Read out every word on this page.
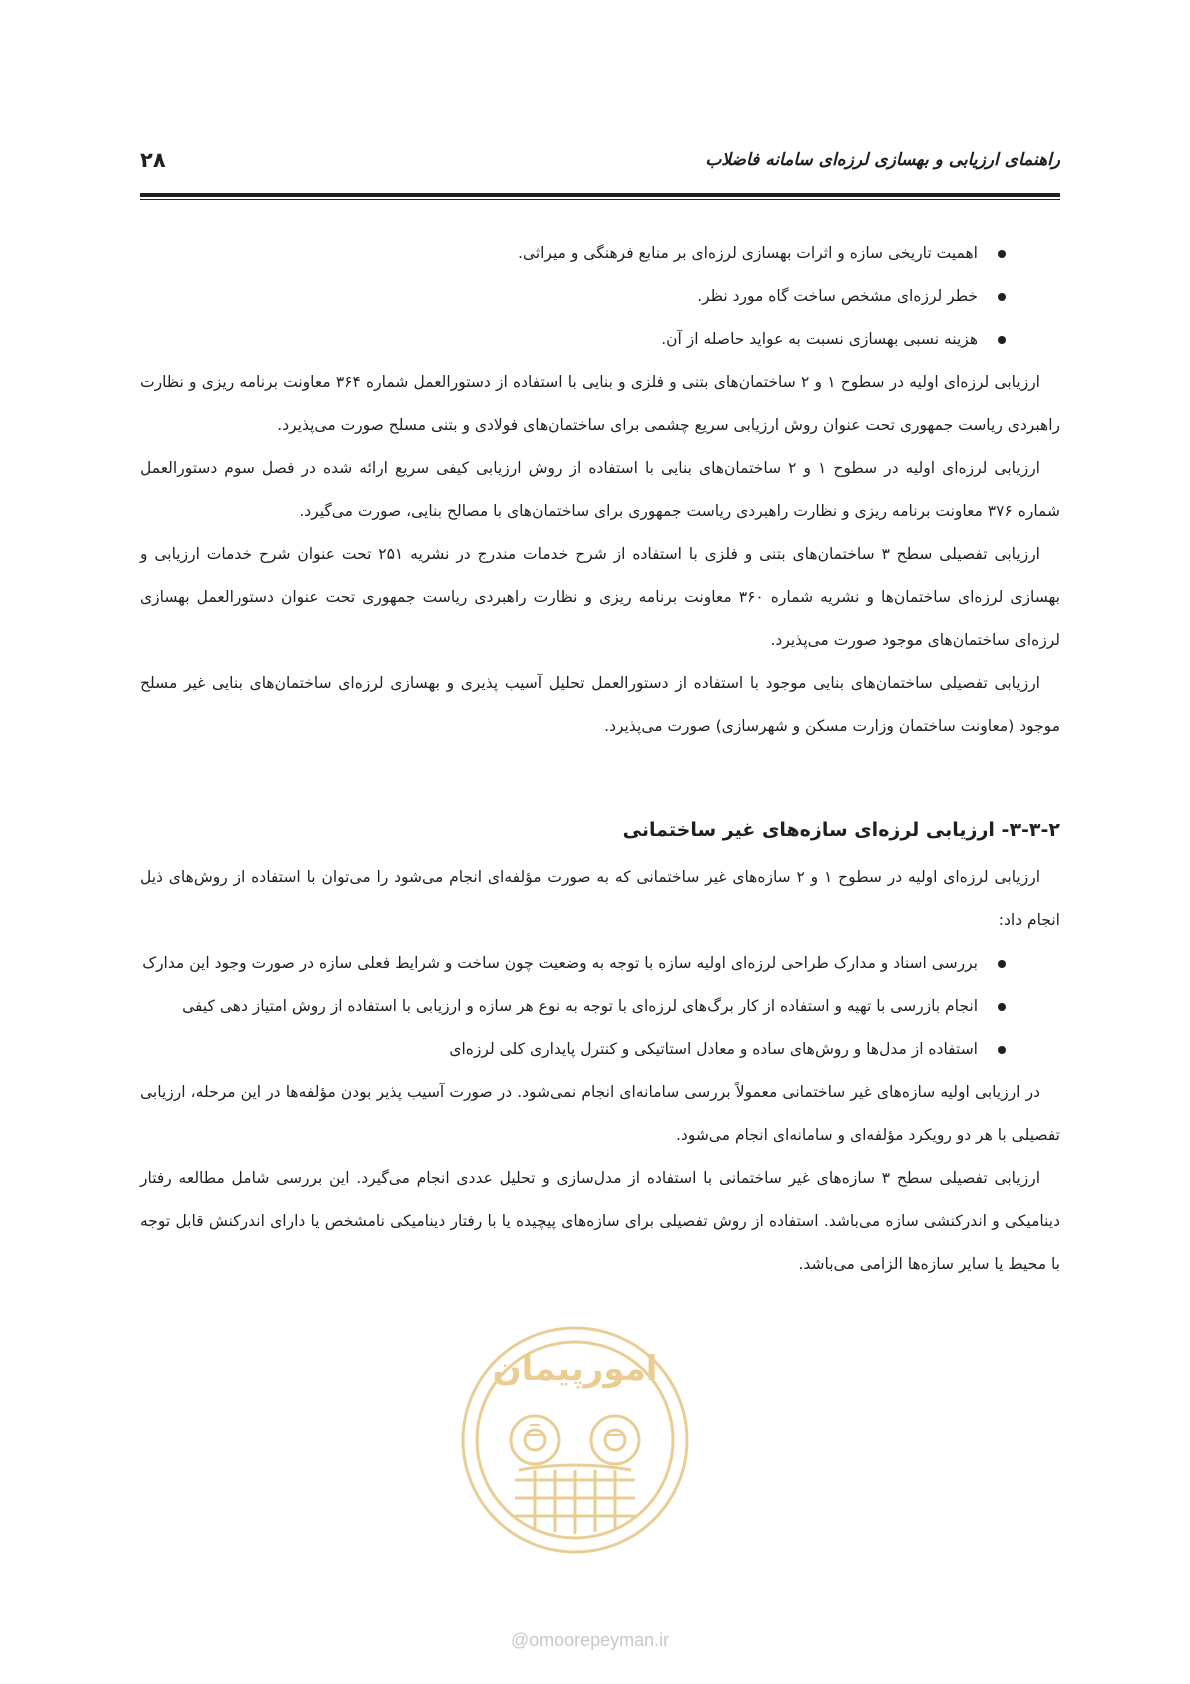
۲۸	راهنمای ارزیابی و بهسازی لرزه‌ای سامانه فاضلاب
اهمیت تاریخی سازه و اثرات بهسازی لرزه‌ای بر منابع فرهنگی و میراثی.
خطر لرزه‌ای مشخص ساخت گاه مورد نظر.
هزینه نسبی بهسازی نسبت به عواید حاصله از آن.

ارزیابی لرزه‌ای اولیه در سطوح ۱ و ۲ ساختمان‌های بتنی و فلزی و بنایی با استفاده از دستورالعمل شماره ۳۶۴ معاونت برنامه ریزی و نظارت راهبردی ریاست جمهوری تحت عنوان روش ارزیابی سریع چشمی برای ساختمان‌های فولادی و بتنی مسلح صورت می‌پذیرد.

ارزیابی لرزه‌ای اولیه در سطوح ۱ و ۲ ساختمان‌های بنایی با استفاده از روش ارزیابی کیفی سریع ارائه شده در فصل سوم دستورالعمل شماره ۳۷۶ معاونت برنامه ریزی و نظارت راهبردی ریاست جمهوری برای ساختمان‌های با مصالح بنایی، صورت می‌گیرد.

ارزیابی تفصیلی سطح ۳ ساختمان‌های بتنی و فلزی با استفاده از شرح خدمات مندرج در نشریه ۲۵۱ تحت عنوان شرح خدمات ارزیابی و بهسازی لرزه‌ای ساختمان‌ها و نشریه شماره ۳۶۰ معاونت برنامه ریزی و نظارت راهبردی ریاست جمهوری تحت عنوان دستورالعمل بهسازی لرزه‌ای ساختمان‌های موجود صورت می‌پذیرد.

ارزیابی تفصیلی ساختمان‌های بنایی موجود با استفاده از دستورالعمل تحلیل آسیب پذیری و بهسازی لرزه‌ای ساختمان‌های بنایی غیر مسلح موجود (معاونت ساختمان وزارت مسکن و شهرسازی) صورت می‌پذیرد.

۳-۳-۲- ارزیابی لرزه‌ای سازه‌های غیر ساختمانی

ارزیابی لرزه‌ای اولیه در سطوح ۱ و ۲ سازه‌های غیر ساختمانی که به صورت مؤلفه‌ای انجام می‌شود را می‌توان با استفاده از روش‌های ذیل انجام داد:

بررسی اسناد و مدارک طراحی لرزه‌ای اولیه سازه با توجه به وضعیت چون ساخت و شرایط فعلی سازه در صورت وجود این مدارک
انجام بازرسی با تهیه و استفاده از کار برگ‌های لرزه‌ای با توجه به نوع هر سازه و ارزیابی با استفاده از روش امتیاز دهی کیفی
استفاده از مدل‌ها و روش‌های ساده و معادل استاتیکی و کنترل پایداری کلی لرزه‌ای

در ارزیابی اولیه سازه‌های غیر ساختمانی معمولاً بررسی سامانه‌ای انجام نمی‌شود. در صورت آسیب پذیر بودن مؤلفه‌ها در این مرحله، ارزیابی تفصیلی با هر دو رویکرد مؤلفه‌ای و سامانه‌ای انجام می‌شود.

ارزیابی تفصیلی سطح ۳ سازه‌های غیر ساختمانی با استفاده از مدل‌سازی و تحلیل عددی انجام می‌گیرد. این بررسی شامل مطالعه رفتار دینامیکی و اندرکنشی سازه می‌باشد. استفاده از روش تفصیلی برای سازه‌های پیچیده یا با رفتار دینامیکی نامشخص یا دارای اندرکنش قابل توجه با محیط یا سایر سازه‌ها الزامی می‌باشد.

امورپیمان
@omoorepeyman.ir
